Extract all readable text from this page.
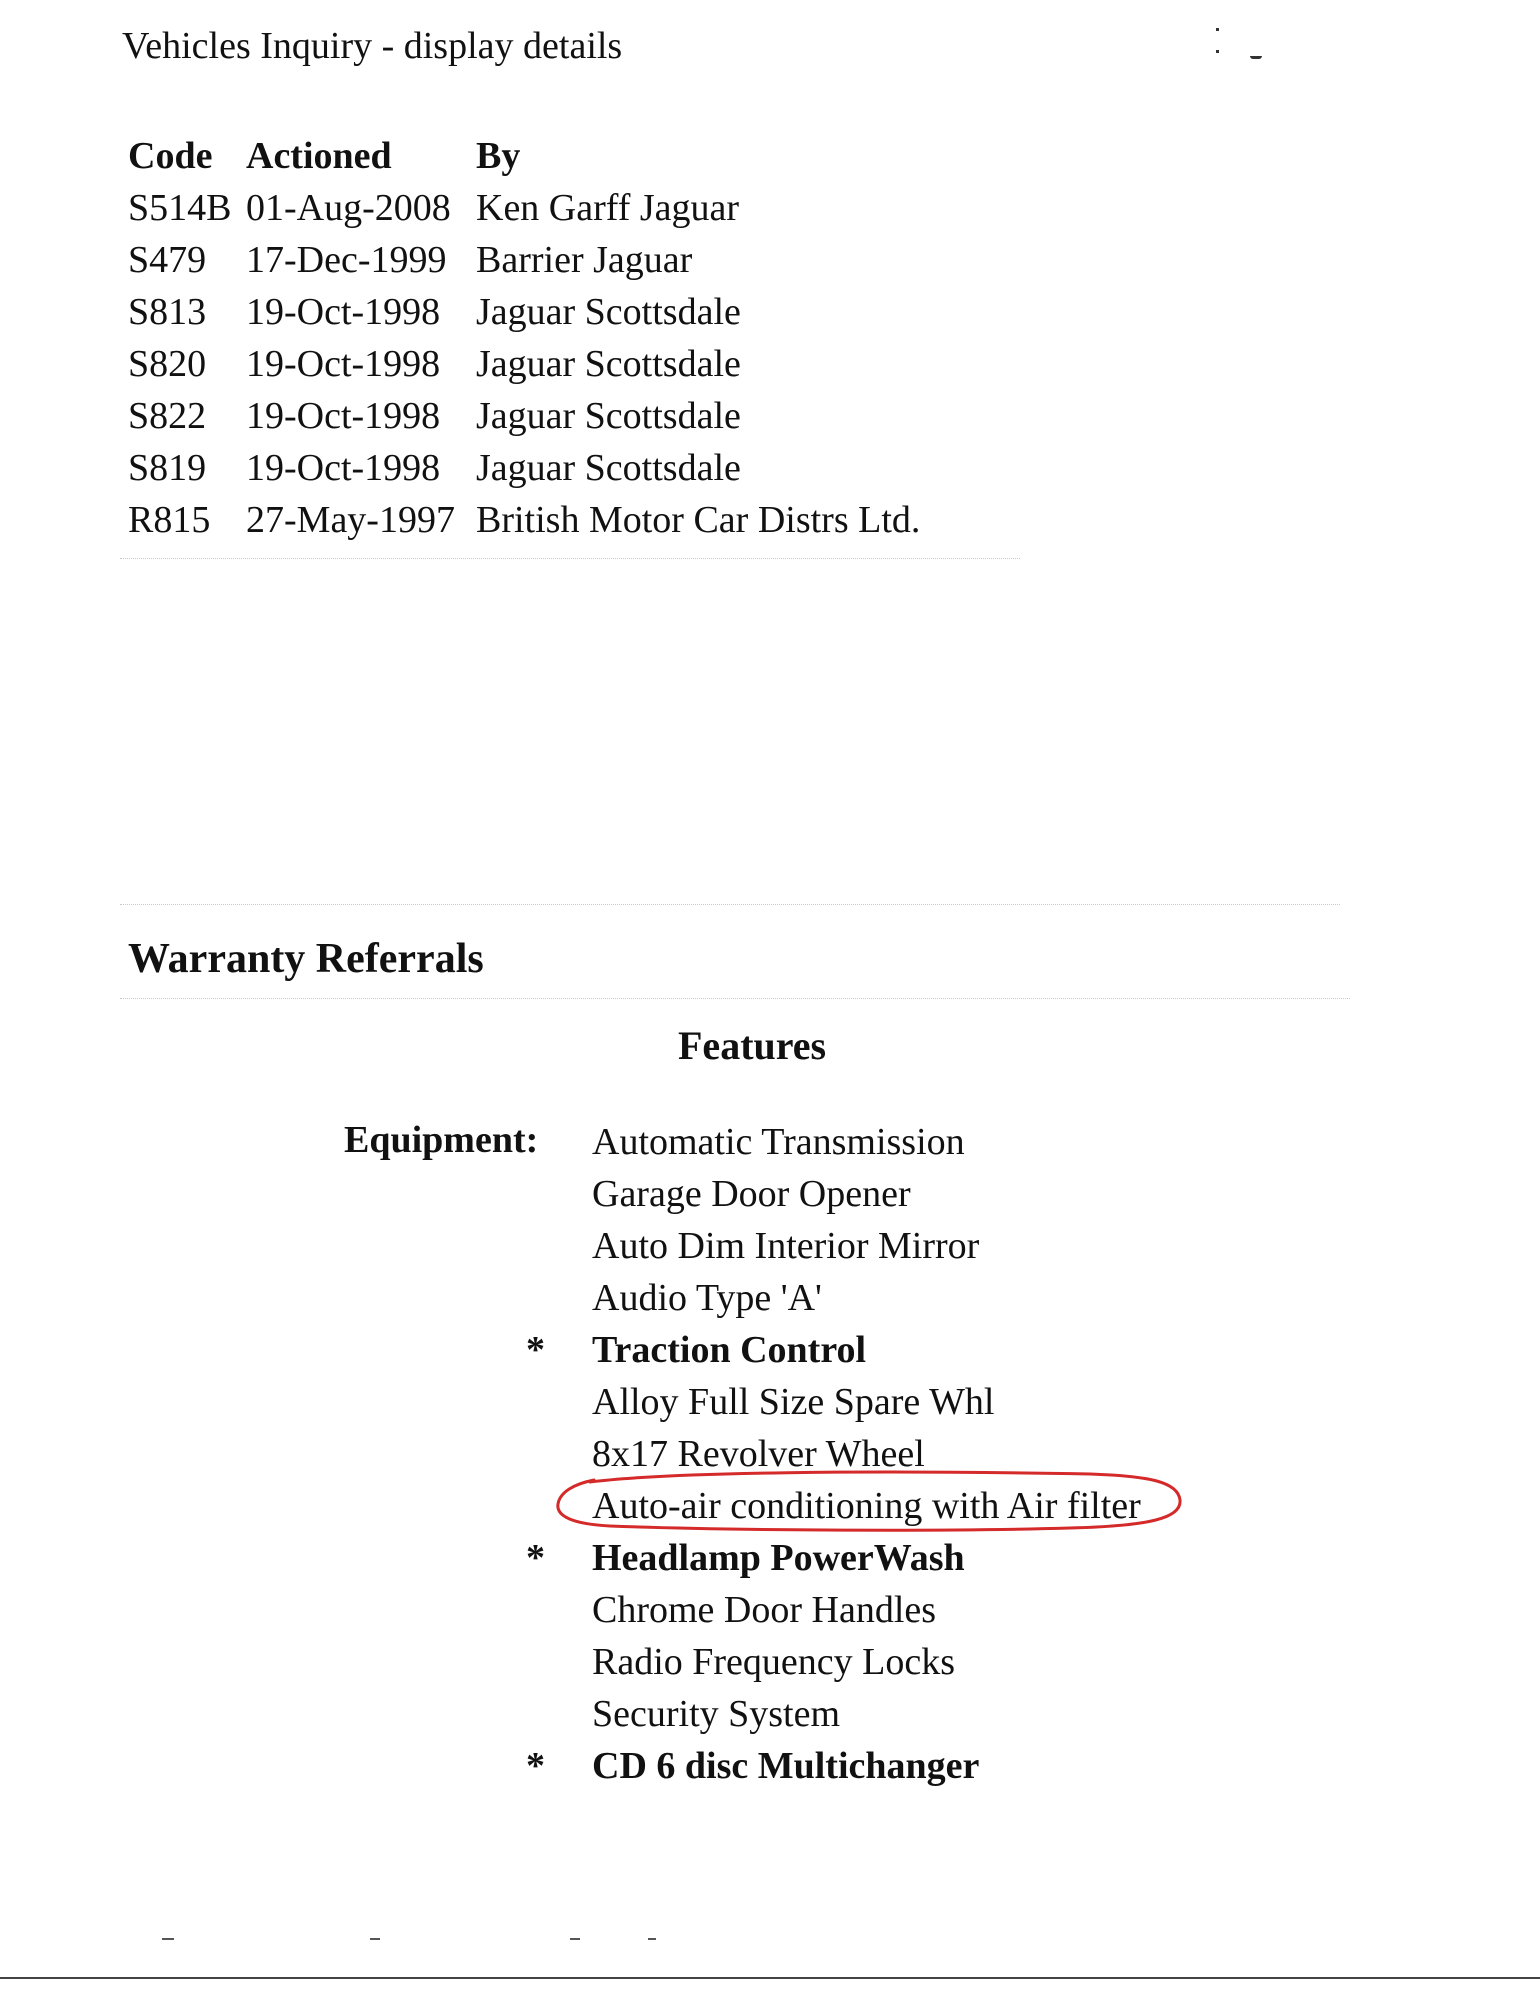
Vehicles Inquiry - display details
Code Actioned	By
S514B 01-Aug-2008 Ken Garff Jaguar
S479	17-Dec-1999 Barrier Jaguar
S813	19-Oct-1998 Jaguar Scottsdale
S820	19-Oct-1998 Jaguar Scottsdale
S822	19-Oct-1998 Jaguar Scottsdale
S819	19-Oct-1998 Jaguar Scottsdale
R815 27-May-1997 British Motor Car Distrs Ltd.
Warranty Referrals
Features
Equipment: Automatic Transmission
Garage Door Opener
Auto Dim Interior Mirror
Audio Type 'A'
* Traction Control
Alloy Full Size Spare Whl
8x17 Revolver Wheel
Auto-air conditioning with Air filter
* Headlamp PowerWash
Chrome Door Handles
Radio Frequency Locks
Security System
* CD 6 disc Multichanger
